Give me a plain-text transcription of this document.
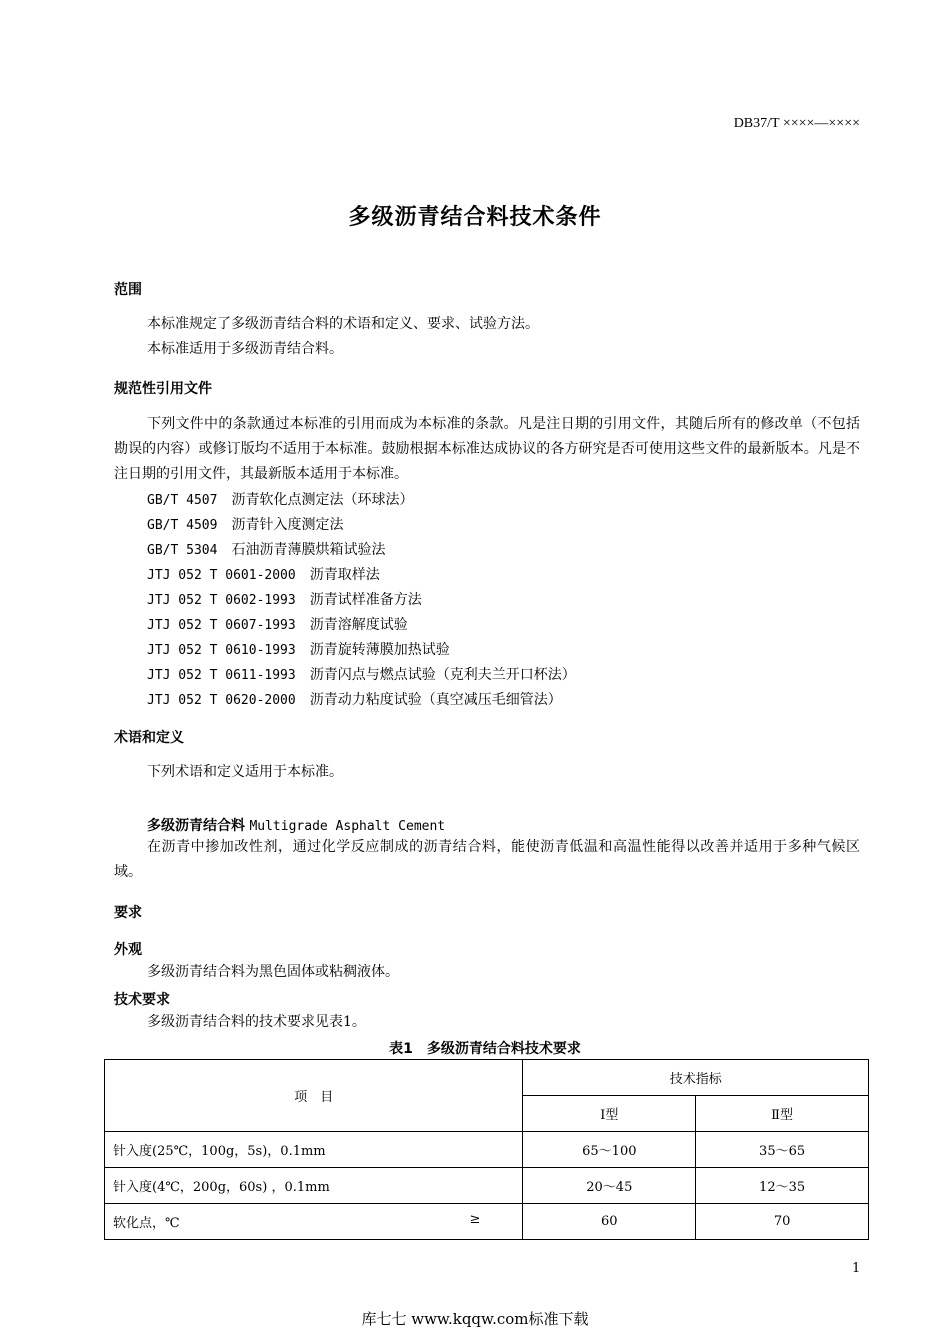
DB37/T ××××—××××
多级沥青结合料技术条件
范围
本标准规定了多级沥青结合料的术语和定义、要求、试验方法。
本标准适用于多级沥青结合料。
规范性引用文件
下列文件中的条款通过本标准的引用而成为本标准的条款。凡是注日期的引用文件，其随后所有的修改单（不包括勘误的内容）或修订版均不适用于本标准。鼓励根据本标准达成协议的各方研究是否可使用这些文件的最新版本。凡是不注日期的引用文件，其最新版本适用于本标准。
GB/T 4507　 沥青软化点测定法（环球法）
GB/T 4509　 沥青针入度测定法
GB/T 5304　 石油沥青薄膜烘箱试验法
JTJ 052 T 0601-2000　 沥青取样法
JTJ 052 T 0602-1993　 沥青试样准备方法
JTJ 052 T 0607-1993　 沥青溶解度试验
JTJ 052 T 0610-1993　 沥青旋转薄膜加热试验
JTJ 052 T 0611-1993　 沥青闪点与燃点试验（克利夫兰开口杯法）
JTJ 052 T 0620-2000　 沥青动力粘度试验（真空减压毛细管法）
术语和定义
下列术语和定义适用于本标准。
多级沥青结合料 Multigrade Asphalt Cement
在沥青中掺加改性剂，通过化学反应制成的沥青结合料，能使沥青低温和高温性能得以改善并适用于多种气候区域。
要求
外观
多级沥青结合料为黑色固体或粘稠液体。
技术要求
多级沥青结合料的技术要求见表1。
表1　多级沥青结合料技术要求
项　目	技术指标	
	Ⅰ型	Ⅱ型
针入度(25℃，100g，5s)，0.1mm	65～100	35～65
针入度(4℃，200g，60s) ，0.1mm	20～45	12～35
软化点，℃ ≥	60	70
1
库七七 www.kqqw.com标准下载
